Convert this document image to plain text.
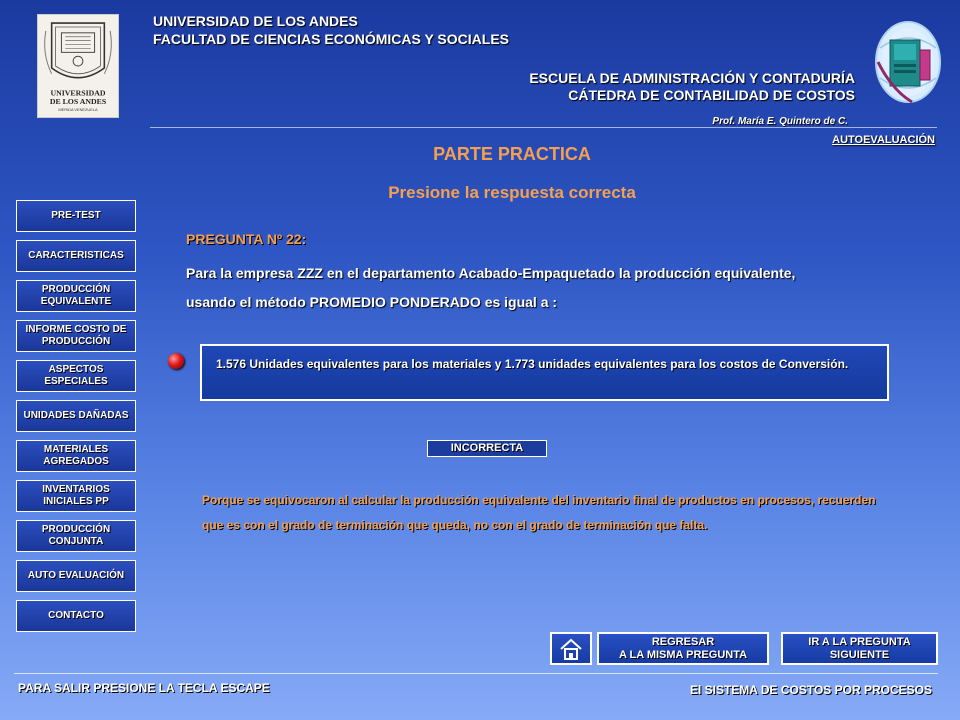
UNIVERSIDAD
DE LOS ANDES
MERIDA VENEZUELA
UNIVERSIDAD DE LOS ANDES
FACULTAD DE CIENCIAS ECONÓMICAS Y SOCIALES
ESCUELA DE ADMINISTRACIÓN Y CONTADURÍA
CÁTEDRA DE CONTABILIDAD DE COSTOS
Prof. María E. Quintero de C.
AUTOEVALUACIÓN
PARTE PRACTICA
Presione la respuesta correcta
PRE-TEST
CARACTERISTICAS
PRODUCCIÓN EQUIVALENTE
INFORME COSTO DE PRODUCCIÓN
ASPECTOS ESPECIALES
UNIDADES DAÑADAS
MATERIALES AGREGADOS
INVENTARIOS INICIALES PP
PRODUCCIÓN CONJUNTA
AUTO EVALUACIÓN
CONTACTO
PREGUNTA Nº 22:
Para la empresa ZZZ en el departamento Acabado-Empaquetado la producción equivalente,
usando el método PROMEDIO PONDERADO es igual a :
1.576 Unidades equivalentes para los materiales y 1.773 unidades equivalentes para los costos de Conversión.
INCORRECTA
Porque se equivocaron al calcular la producción equivalente del inventario final de productos en procesos, recuerden que es con el grado de terminación que queda, no con el grado de terminación que falta.
REGRESAR
A LA MISMA PREGUNTA
IR A LA PREGUNTA
SIGUIENTE
PARA SALIR PRESIONE LA TECLA ESCAPE	El SISTEMA DE COSTOS POR PROCESOS
